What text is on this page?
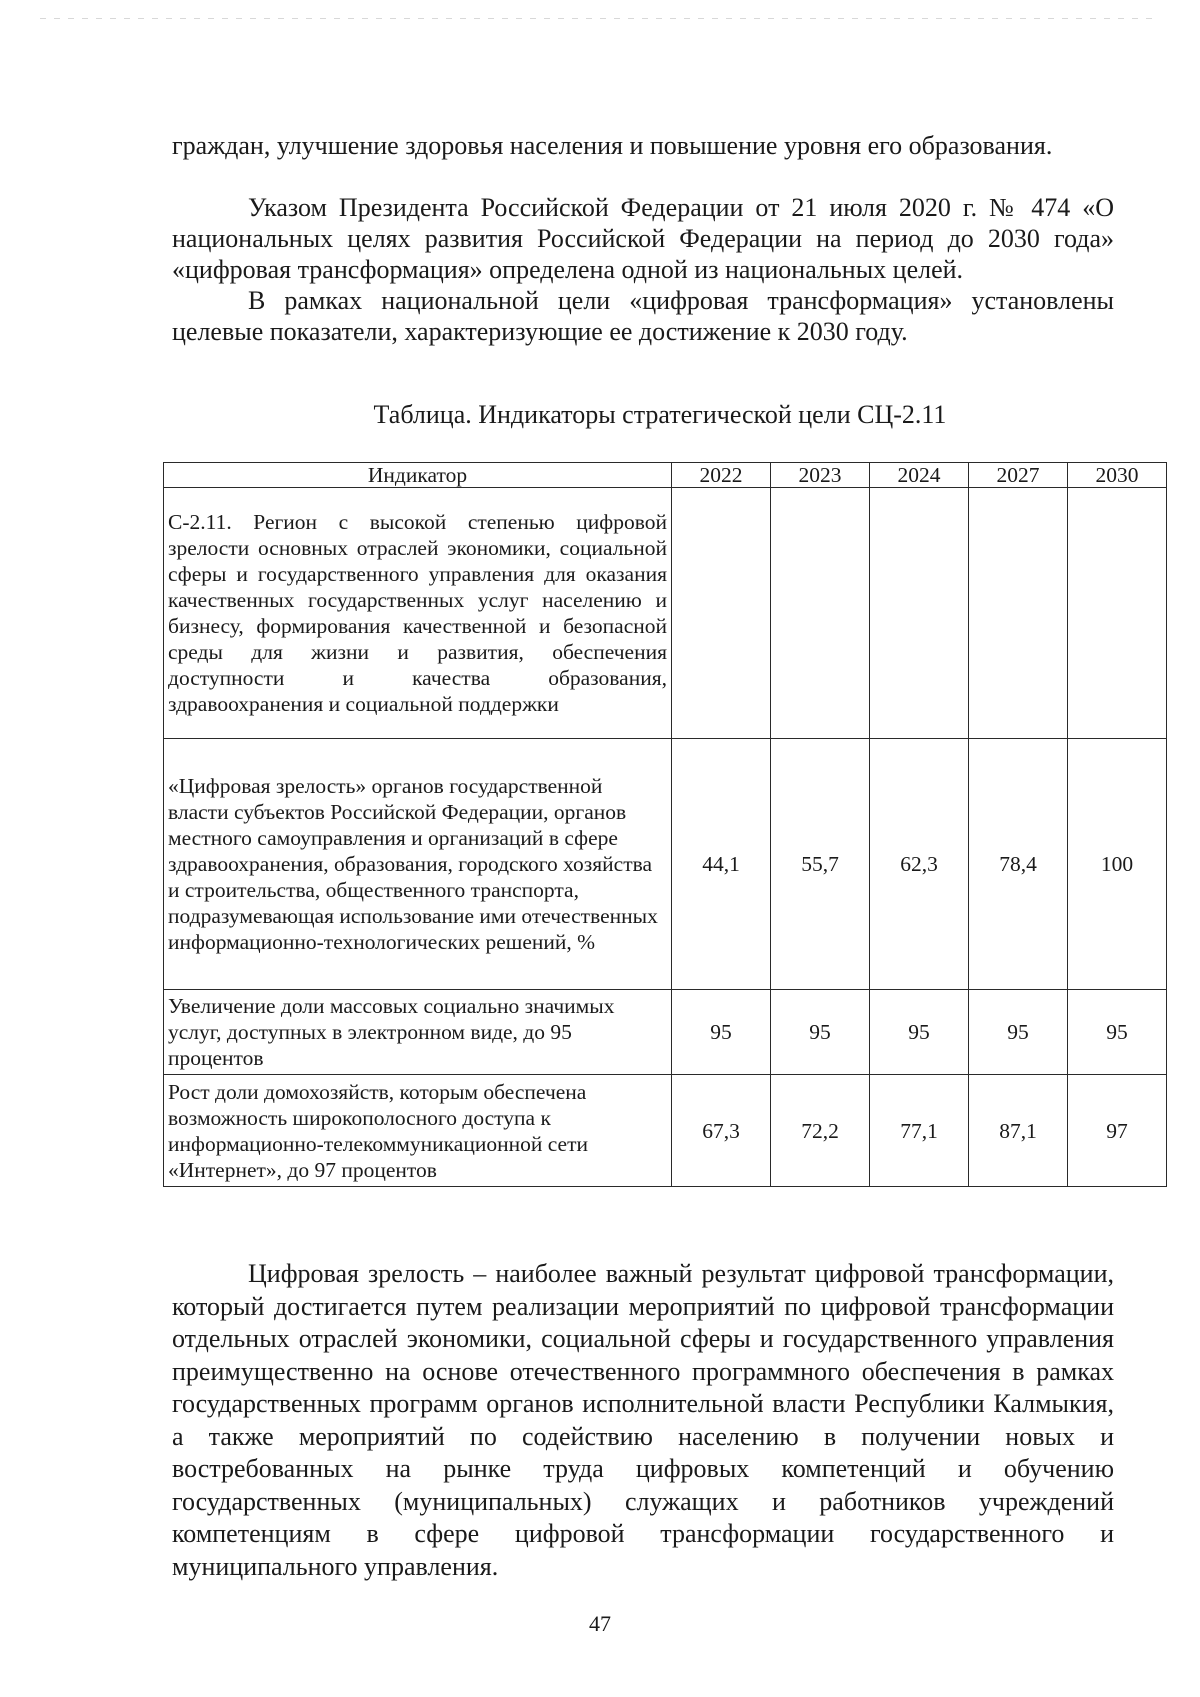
граждан, улучшение здоровья населения и повышение уровня его образования.

Указом Президента Российской Федерации от 21 июля 2020 г. № 474 «О национальных целях развития Российской Федерации на период до 2030 года» «цифровая трансформация» определена одной из национальных целей.

В рамках национальной цели «цифровая трансформация» установлены целевые показатели, характеризующие ее достижение к 2030 году.

Таблица. Индикаторы стратегической цели СЦ-2.11
Индикатор	2022	2023	2024	2027	2030
С-2.11. Регион с высокой степенью цифровой зрелости основных отраслей экономики, социальной сферы и государственного управления для оказания качественных государственных услуг населению и бизнесу, формирования качественной и безопасной среды для жизни и развития, обеспечения доступности и качества образования, здравоохранения и социальной поддержки					
«Цифровая зрелость» органов государственной власти субъектов Российской Федерации, органов местного самоуправления и организаций в сфере здравоохранения, образования, городского хозяйства и строительства, общественного транспорта, подразумевающая использование ими отечественных информационно-технологических решений, %	44,1	55,7	62,3	78,4	100
Увеличение доли массовых социально значимых услуг, доступных в электронном виде, до 95 процентов	95	95	95	95	95
Рост доли домохозяйств, которым обеспечена возможность широкополосного доступа к информационно-телекоммуникационной сети «Интернет», до 97 процентов	67,3	72,2	77,1	87,1	97

Цифровая зрелость – наиболее важный результат цифровой трансформации, который достигается путем реализации мероприятий по цифровой трансформации отдельных отраслей экономики, социальной сферы и государственного управления преимущественно на основе отечественного программного обеспечения в рамках государственных программ органов исполнительной власти Республики Калмыкия, а также мероприятий по содействию населению в получении новых и востребованных на рынке труда цифровых компетенций и обучению государственных (муниципальных) служащих и работников учреждений компетенциям в сфере цифровой трансформации государственного и муниципального управления.

47
